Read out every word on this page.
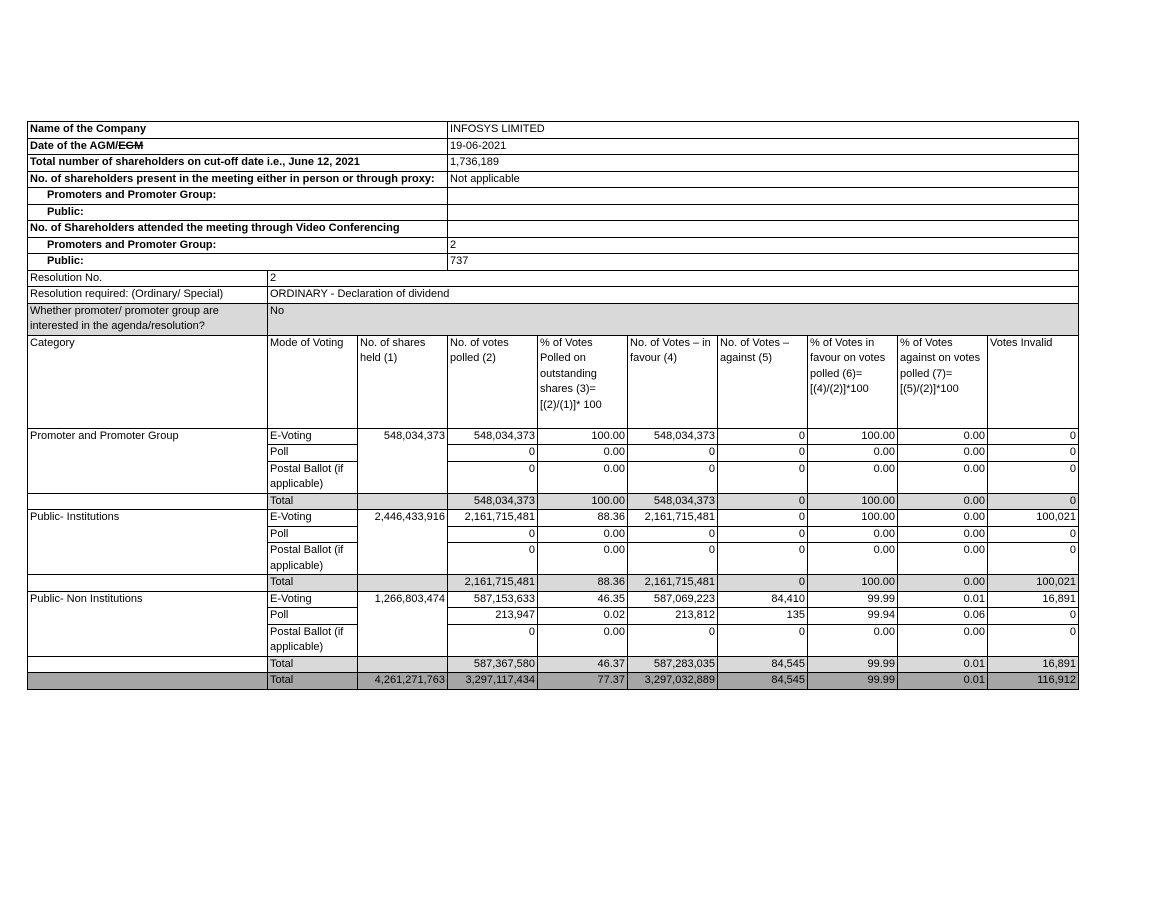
Name of the Company			INFOSYS LIMITED						
Date of the AGM/EGM			19-06-2021						
Total number of shareholders on cut-off date i.e., June 12, 2021			1,736,189						
No. of shareholders present in the meeting either in person or through proxy:			Not applicable						
Promoters and Promoter Group:									
Public:									
No. of Shareholders attended the meeting through Video Conferencing									
Promoters and Promoter Group:			2						
Public:			737						
Resolution No.	2								
Resolution required: (Ordinary/ Special)	ORDINARY - Declaration of dividend								
Whether promoter/ promoter group are interested in the agenda/resolution?	No								
Category	Mode of Voting	No. of shares held (1)	No. of votes polled (2)	% of Votes Polled on outstanding shares (3)=[(2)/(1)]* 100	No. of Votes – in favour (4)	No. of Votes – against (5)	% of Votes in favour on votes polled (6)=[(4)/(2)]*100	% of Votes against on votes polled (7)=[(5)/(2)]*100	Votes Invalid
Promoter and Promoter Group	E-Voting	548,034,373	548,034,373	100.00	548,034,373	0	100.00	0.00	0
	Poll		0	0.00	0	0	0.00	0.00	0
	Postal Ballot (if applicable)		0	0.00	0	0	0.00	0.00	0
	Total		548,034,373	100.00	548,034,373	0	100.00	0.00	0
Public- Institutions	E-Voting	2,446,433,916	2,161,715,481	88.36	2,161,715,481	0	100.00	0.00	100,021
	Poll		0	0.00	0	0	0.00	0.00	0
	Postal Ballot (if applicable)		0	0.00	0	0	0.00	0.00	0
	Total		2,161,715,481	88.36	2,161,715,481	0	100.00	0.00	100,021
Public- Non Institutions	E-Voting	1,266,803,474	587,153,633	46.35	587,069,223	84,410	99.99	0.01	16,891
	Poll		213,947	0.02	213,812	135	99.94	0.06	0
	Postal Ballot (if applicable)		0	0.00	0	0	0.00	0.00	0
	Total		587,367,580	46.37	587,283,035	84,545	99.99	0.01	16,891
	Total	4,261,271,763	3,297,117,434	77.37	3,297,032,889	84,545	99.99	0.01	116,912
